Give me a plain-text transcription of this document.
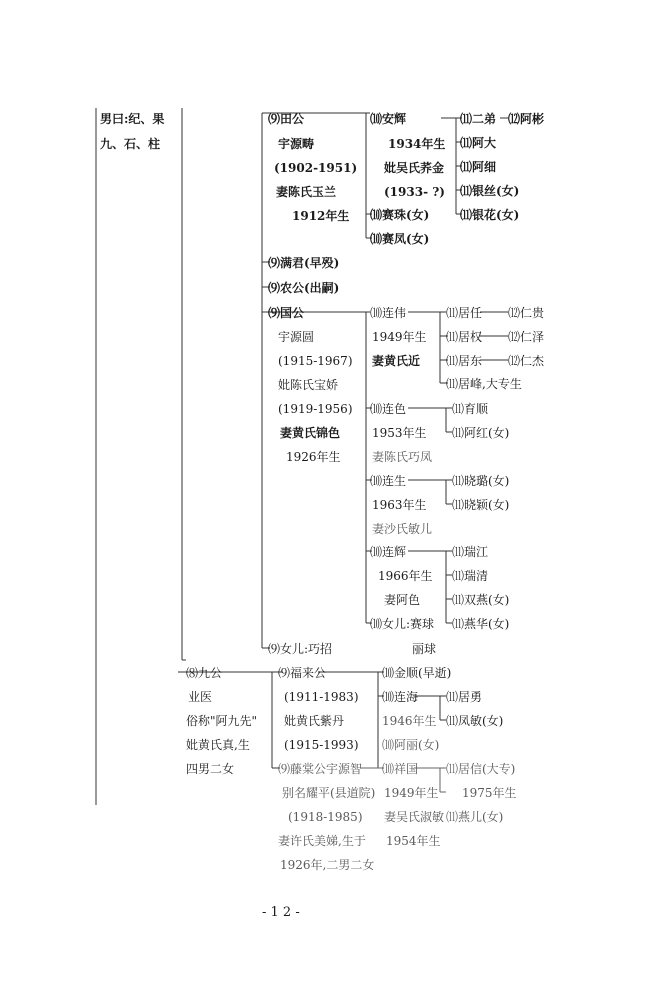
男曰:纪、果
九、石、柱
⑼田公
宇源畴
(1902-1951)
妻陈氏玉兰
1912年生
⑽安辉
1934年生
妣吴氏荞金
(1933- ?)
⑾二弟 ⑿阿彬
⑾阿大
⑾阿细
⑾银丝(女)
⑾银花(女)
⑽赛珠(女)
⑽赛凤(女)
⑼满君(早殁)
⑼农公(出嗣)
⑼国公
宇源圆
(1915-1967)
妣陈氏宝娇
(1919-1956)
妻黄氏锦色
1926年生
⑽连伟
1949年生
妻黄氏近
⑾居任
⑾居权
⑾居东
⑾居峰,大专生
⑿仁贵
⑿仁泽
⑿仁杰
⑽连色
1953年生
妻陈氏巧凤
⑾育顺
⑾阿红(女)
⑽连生
1963年生
妻沙氏敏儿
⑾晓璐(女)
⑾晓颖(女)
⑽连辉
1966年生
妻阿色
⑾瑞江
⑾瑞清
⑾双燕(女)
⑾燕华(女)
⑽女儿:赛球
⑼女儿:巧招	丽球
⑻九公
业医
俗称"阿九先"
妣黄氏真,生
四男二女
⑼福来公
(1911-1983)
妣黄氏紫丹
(1915-1993)
⑽金顺(早逝)
⑽连海
1946年生
⑽阿丽(女)
⑾居勇
⑾凤敏(女)
⑼藤棠公宇源智
别名耀平(县道院)
(1918-1985)
妻许氏美娣,生于
1926年,二男二女
⑽祥国
1949年生
妻吴氏淑敏
1954年生
⑾居信(大专)
1975年生
⑾燕儿(女)
- 1 2 -
